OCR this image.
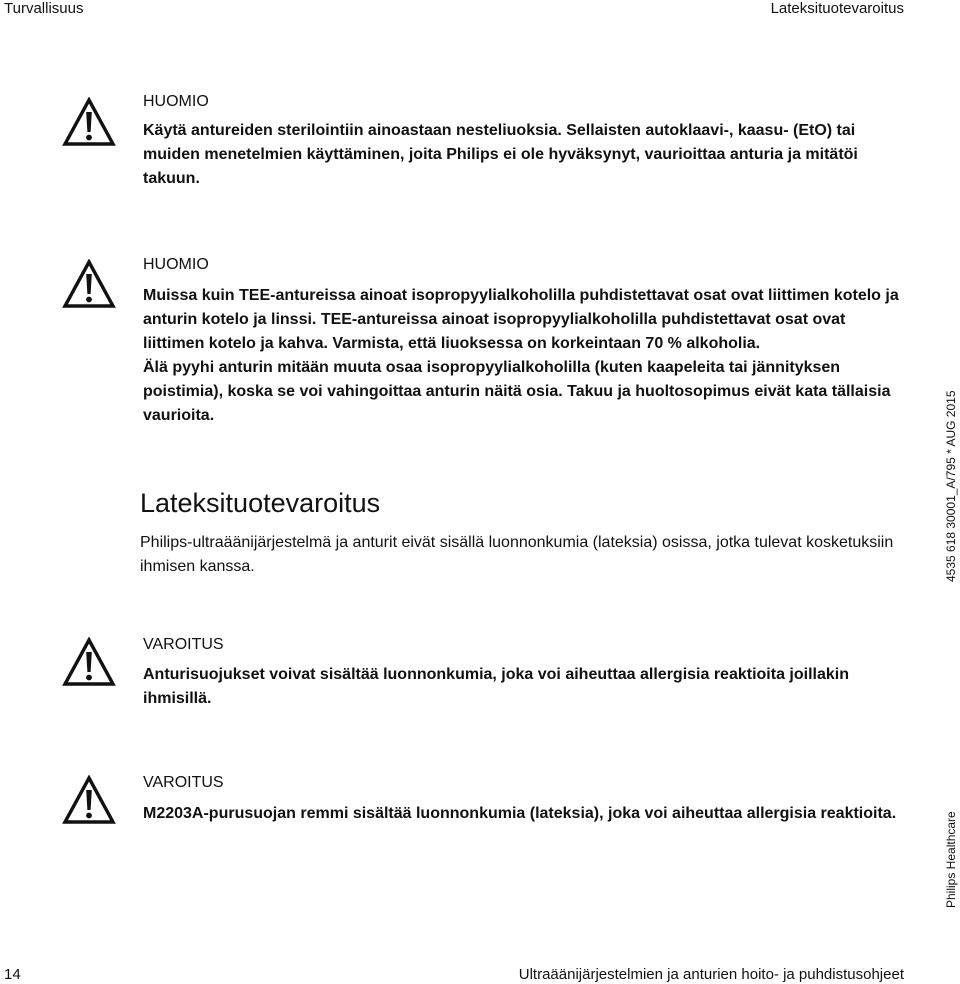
Turvallisuus	Lateksituotevaroitus
HUOMIO

Käytä antureiden sterilointiin ainoastaan nesteliuoksia. Sellaisten autoklaavi-, kaasu- (EtO) tai muiden menetelmien käyttäminen, joita Philips ei ole hyväksynyt, vaurioittaa anturia ja mitätöi takuun.

HUOMIO

Muissa kuin TEE-antureissa ainoat isopropyylialkoholilla puhdistettavat osat ovat liittimen kotelo ja anturin kotelo ja linssi. TEE-antureissa ainoat isopropyylialkoholilla puhdistettavat osat ovat liittimen kotelo ja kahva. Varmista, että liuoksessa on korkeintaan 70 % alkoholia.

Älä pyyhi anturin mitään muuta osaa isopropyylialkoholilla (kuten kaapeleita tai jännityksen poistimia), koska se voi vahingoittaa anturin näitä osia. Takuu ja huoltosopimus eivät kata tällaisia vaurioita.

Lateksituotevaroitus

Philips-ultraäänijärjestelmä ja anturit eivät sisällä luonnonkumia (lateksia) osissa, jotka tulevat kosketuksiin ihmisen kanssa.

VAROITUS

Anturisuojukset voivat sisältää luonnonkumia, joka voi aiheuttaa allergisia reaktioita joillakin ihmisillä.

VAROITUS

M2203A-purusuojan remmi sisältää luonnonkumia (lateksia), joka voi aiheuttaa allergisia reaktioita.

4535 618 30001_A/795 * AUG 2015
Philips Healthcare
14	Ultraäänijärjestelmien ja anturien hoito- ja puhdistusohjeet
